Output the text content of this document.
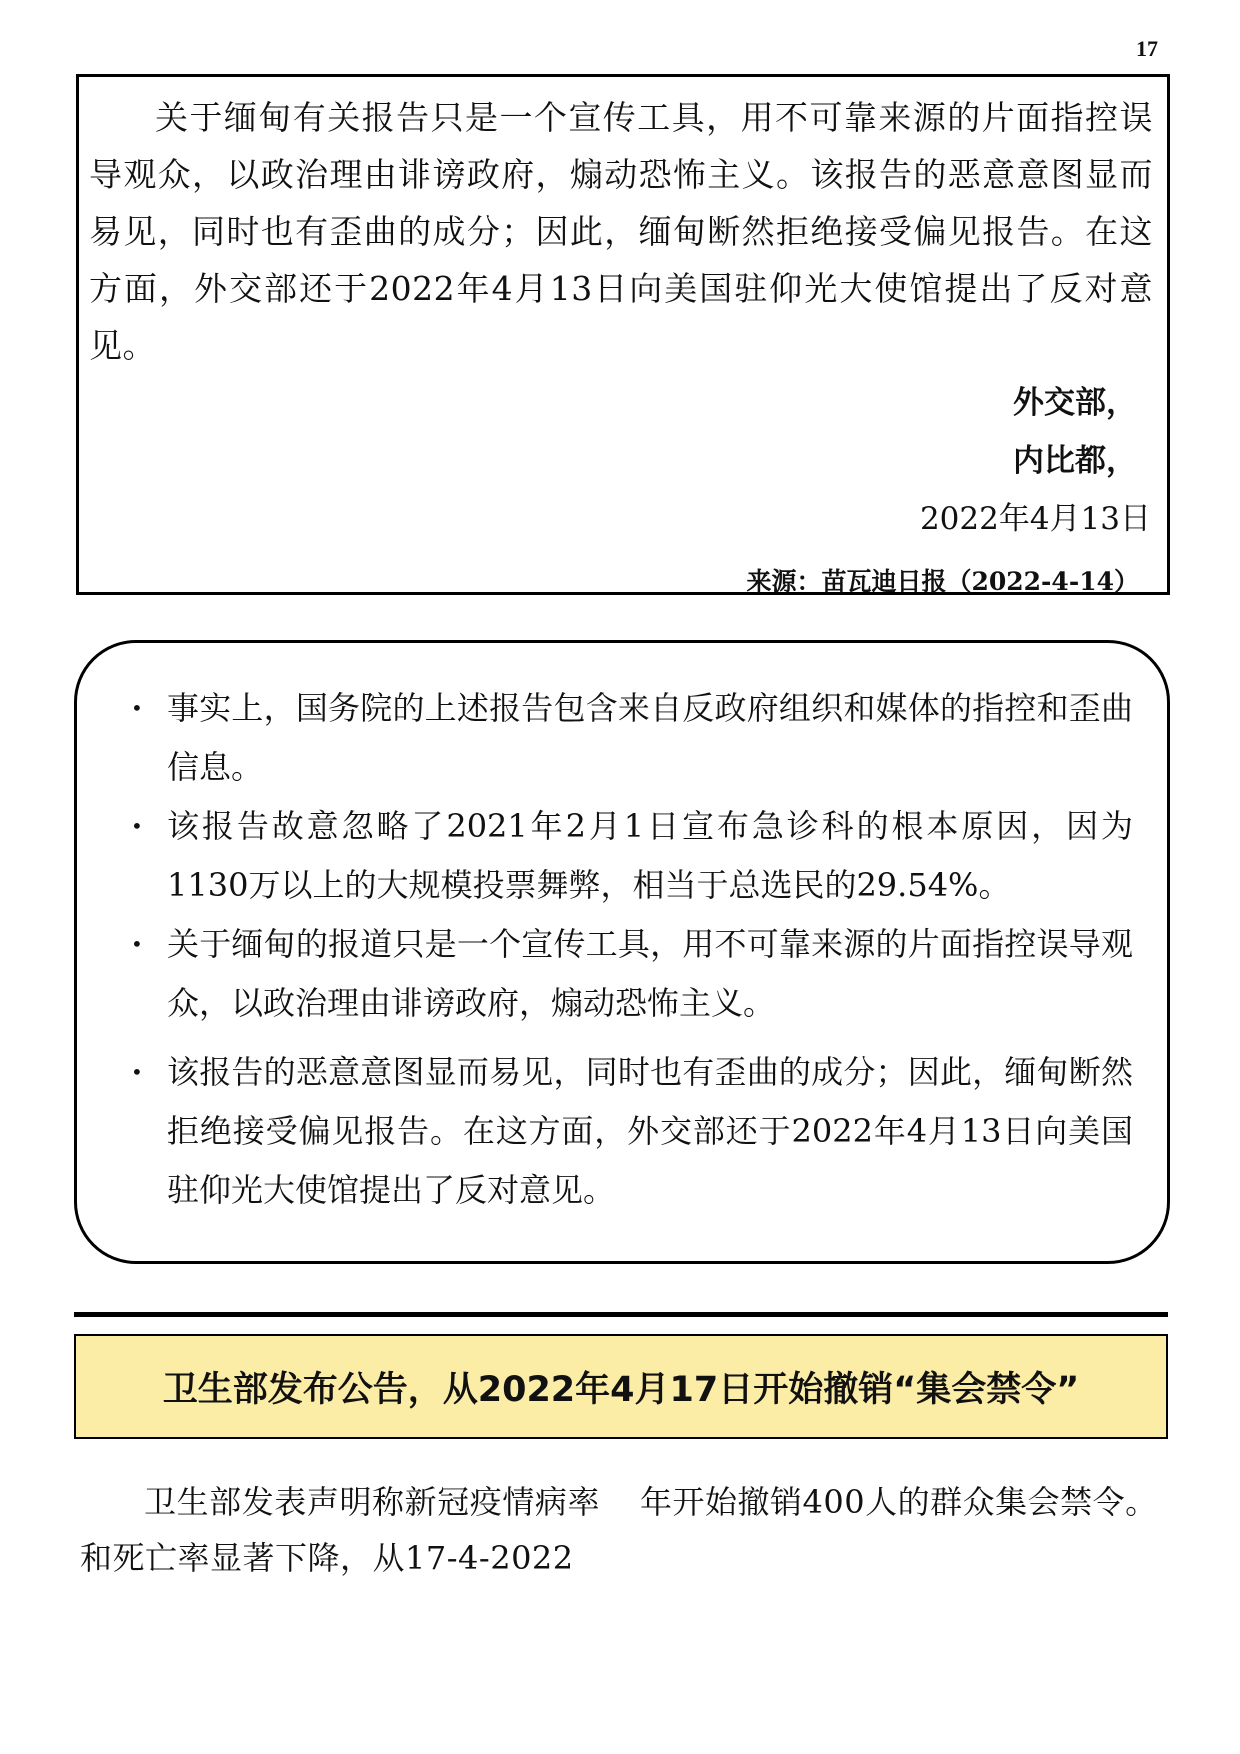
17

关于缅甸有关报告只是一个宣传工具，用不可靠来源的片面指控误导观众，以政治理由诽谤政府，煽动恐怖主义。该报告的恶意意图显而易见，同时也有歪曲的成分；因此，缅甸断然拒绝接受偏见报告。在这方面，外交部还于2022年4月13日向美国驻仰光大使馆提出了反对意见。

外交部，

内比都，

2022年4月13日

来源：苗瓦迪日报（2022-4-14）

• 事实上，国务院的上述报告包含来自反政府组织和媒体的指控和歪曲信息。
• 该报告故意忽略了2021年2月1日宣布急诊科的根本原因，因为1130万以上的大规模投票舞弊，相当于总选民的29.54%。
• 关于缅甸的报道只是一个宣传工具，用不可靠来源的片面指控误导观众，以政治理由诽谤政府，煽动恐怖主义。
• 该报告的恶意意图显而易见，同时也有歪曲的成分；因此，缅甸断然拒绝接受偏见报告。在这方面，外交部还于2022年4月13日向美国驻仰光大使馆提出了反对意见。
卫生部发布公告，从2022年4月17日开始撤销“集会禁令”

卫生部发表声明称新冠疫情病率和死亡率显著下降，从17-4-2022

年开始撤销400人的群众集会禁令。
